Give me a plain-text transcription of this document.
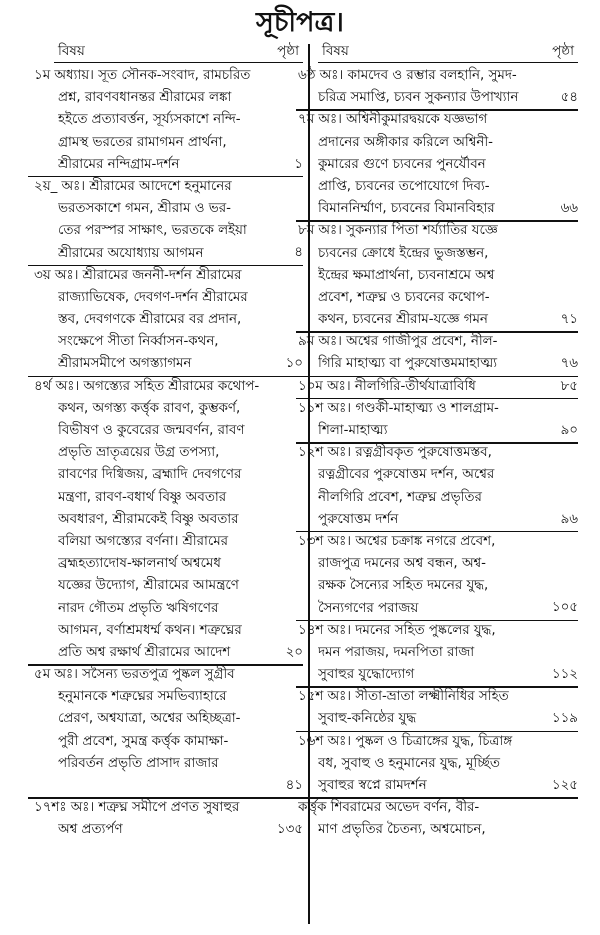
সূচীপত্র।
বিষয়	পৃষ্ঠা
১ম অধ্যায়। সূত সৌনক-সংবাদ, রামচরিত
প্রশ্ন, রাবণবধানন্তর শ্রীরামের লঙ্কা
হইতে প্রত্যাবর্ত্তন, সূর্য্যসকাশে নন্দি-
গ্রামস্থ ভরতের রামাগমন প্রার্থনা,
শ্রীরামের নন্দিগ্রাম-দর্শন	১
২য়_ অঃ। শ্রীরামের আদেশে হনুমানের
ভরতসকাশে গমন, শ্রীরাম ও ভর-
তের পরস্পর সাক্ষাৎ, ভরতকে লইয়া
শ্রীরামের অযোধ্যায় আগমন	৪
৩য় অঃ। শ্রীরামের জননী-দর্শন শ্রীরামের
রাজ্যাভিষেক, দেবগণ-দর্শন শ্রীরামের
স্তব, দেবগণকে শ্রীরামের বর প্রদান,
সংক্ষেপে সীতা নির্ব্বাসন-কথন,
শ্রীরামসমীপে অগস্ত্যাগমন	১০
৪র্থ অঃ। অগস্ত্যের সহিত শ্রীরামের কথোপ-
কথন, অগস্ত্য কর্ত্তৃক রাবণ, কুম্ভকর্ণ,
বিভীষণ ও কুবেরের জন্মবর্ণন, রাবণ
প্রভৃতি ভ্রাতৃত্রয়ের উগ্র তপস্যা,
রাবণের দিগ্বিজয়, ব্রহ্মাদি দেবগণের
মন্ত্রণা, রাবণ-বধার্থ বিষ্ণু অবতার
অবধারণ, শ্রীরামকেই বিষ্ণু অবতার
বলিয়া অগস্ত্যের বর্ণনা। শ্রীরামের
ব্রহ্মহত্যাদোষ-ক্ষালনার্থ অশ্বমেধ
যজ্ঞের উদ্যোগ, শ্রীরামের আমন্ত্রণে
নারদ গৌতম প্রভৃতি ঋষিগণের
আগমন, বর্ণাশ্রমধর্ম্ম কথন। শত্রুঘ্নের
প্রতি অশ্ব রক্ষার্থ শ্রীরামের আদেশ	২০
৫ম অঃ। সসৈন্য ভরতপুত্র পুষ্কল সুগ্রীব
হনুমানকে শত্রুঘ্নের সমভিব্যাহারে
প্রেরণ, অশ্বযাত্রা, অশ্বের অহিচ্ছত্রা-
পুরী প্রবেশ, সুমন্ত্র কর্ত্তৃক কামাক্ষা-
পরিবর্তন প্রভৃতি প্রাসাদ রাজার
৪১
১৭শঃ অঃ। শত্রুঘ্ন সমীপে প্রণত সুষাহুর
অশ্ব প্রত্যর্পণ	১৩৫
বিষয়	পৃষ্ঠা
৬ষ্ঠ অঃ। কামদেব ও রম্ভার বলহানি, সুমদ-
চরিত্র সমাপ্তি, চ্যবন সুকন্যার উপাখ্যান	৫৪
৭ম অঃ। অশ্বিনীকুমারদ্বয়কে যজ্ঞভাগ
প্রদানের অঙ্গীকার করিলে অশ্বিনী-
কুমারের গুণে চ্যবনের পুনর্যৌবন
প্রাপ্তি, চ্যবনের তপোযোগে দিব্য-
বিমাননির্ম্মাণ, চ্যবনের বিমানবিহার	৬৬
৮ম অঃ। সুকন্যার পিতা শর্য্যাতির যজ্ঞে
চ্যবনের ক্রোধে ইন্দ্রের ভুজস্তম্ভন,
ইন্দ্রের ক্ষমাপ্রার্থনা, চ্যবনাশ্রমে অশ্ব
প্রবেশ, শত্রুঘ্ন ও চ্যবনের কথোপ-
কথন, চ্যবনের শ্রীরাম-যজ্ঞে গমন	৭১
৯ম অঃ। অশ্বের গাজীপুর প্রবেশ, নীল-
গিরি মাহাত্ম্য বা পুরুষোত্তমমাহাত্ম্য	৭৬
১০ম অঃ। নীলগিরি-তীর্থযাত্রাবিধি	৮৫
১১শ অঃ। গণ্ডকী-মাহাত্ম্য ও শালগ্রাম-
শিলা-মাহাত্ম্য	৯০
১২শ অঃ। রত্নগ্রীবকৃত পুরুষোত্তমস্তব,
রত্নগ্রীবের পুরুষোত্তম দর্শন, অশ্বের
নীলগিরি প্রবেশ, শত্রুঘ্ন প্রভৃতির
পুরুষোত্তম দর্শন	৯৬
১৩শ অঃ। অশ্বের চক্রাঙ্ক নগরে প্রবেশ,
রাজপুত্র দমনের অশ্ব বন্ধন, অশ্ব-
রক্ষক সৈন্যের সহিত দমনের যুদ্ধ,
সৈন্যগণের পরাজয়	১০৫
১৪শ অঃ। দমনের সহিত পুষ্কলের যুদ্ধ,
দমন পরাজয়, দমনপিতা রাজা
সুবাহুর যুদ্ধোদ্যোগ	১১২
১৫শ অঃ। সীতা-ভ্রাতা লক্ষ্মীনিধির সহিত
সুবাহু-কনিষ্ঠের যুদ্ধ	১১৯
১৬শ অঃ। পুষ্কল ও চিত্রাঙ্গের যুদ্ধ, চিত্রাঙ্গ
বধ, সুবাহু ও হনুমানের যুদ্ধ, মূর্চ্ছিত
সুবাহুর স্বপ্নে রামদর্শন	১২৫
কর্ত্তৃক শিবরামের অভেদ বর্ণন, বীর-
মাণ প্রভৃতির চৈতন্য, অশ্বমোচন,
